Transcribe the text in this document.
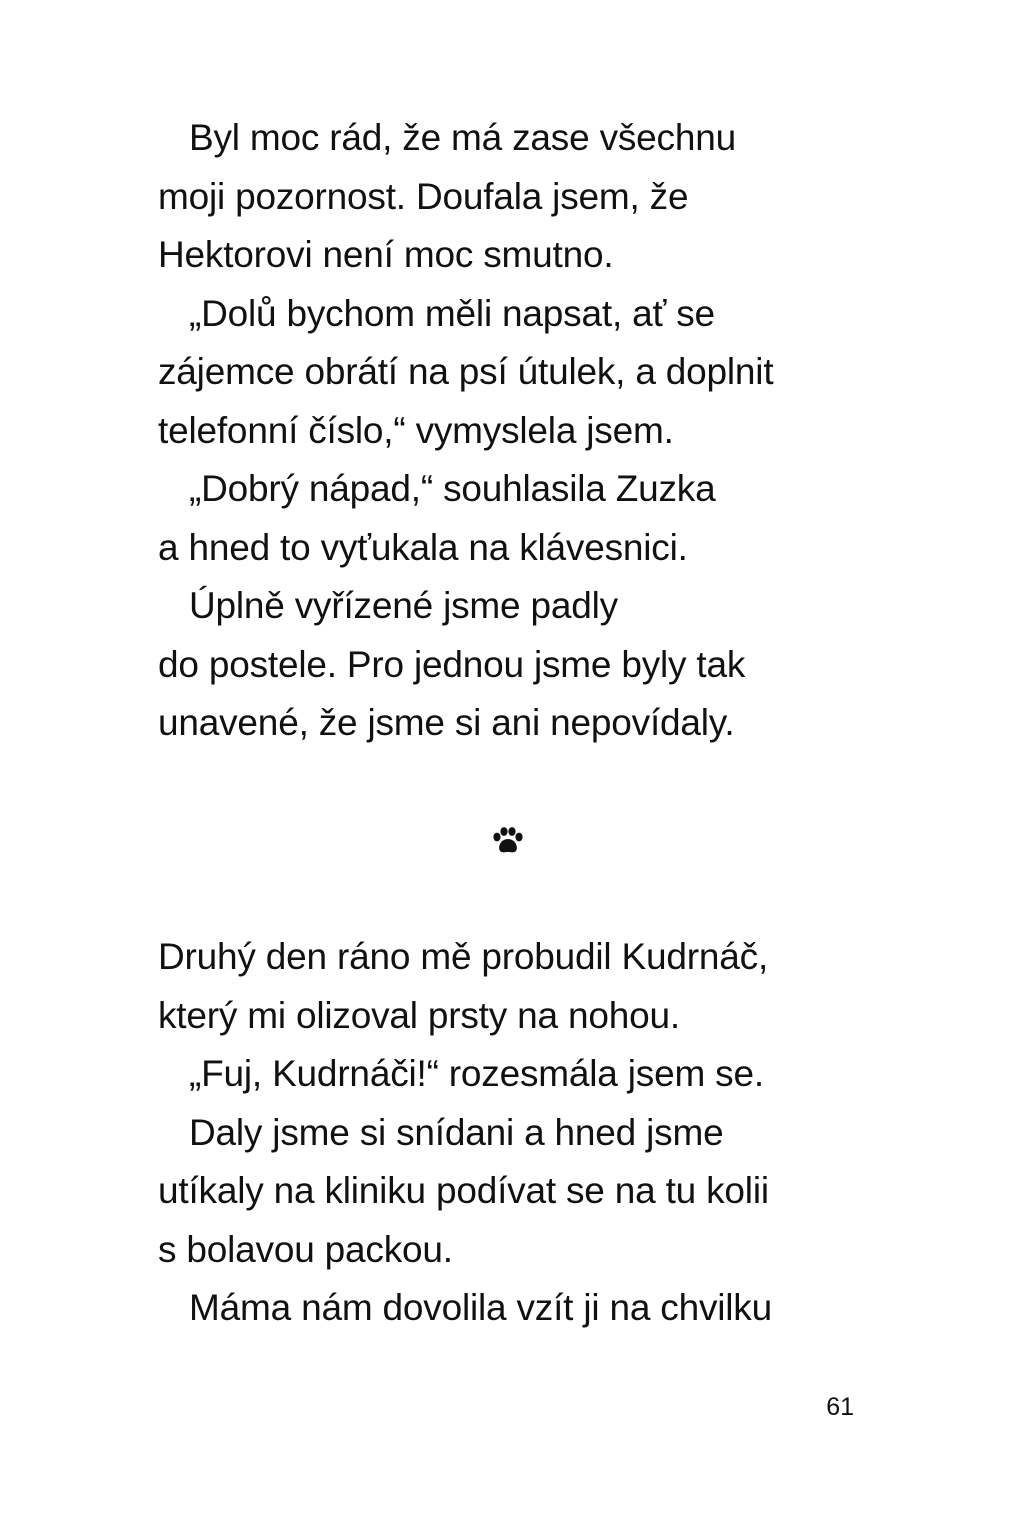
Byl moc rád, že má zase všechnu
moji pozornost. Doufala jsem, že
Hektorovi není moc smutno.
„Dolů bychom měli napsat, ať se
zájemce obrátí na psí útulek, a doplnit
telefonní číslo,“ vymyslela jsem.
„Dobrý nápad,“ souhlasila Zuzka
a hned to vyťukala na klávesnici.
Úplně vyřízené jsme padly
do postele. Pro jednou jsme byly tak
unavené, že jsme si ani nepovídaly.
Druhý den ráno mě probudil Kudrnáč,
který mi olizoval prsty na nohou.
„Fuj, Kudrnáči!“ rozesmála jsem se.
Daly jsme si snídani a hned jsme
utíkaly na kliniku podívat se na tu kolii
s bolavou packou.
Máma nám dovolila vzít ji na chvilku
61
